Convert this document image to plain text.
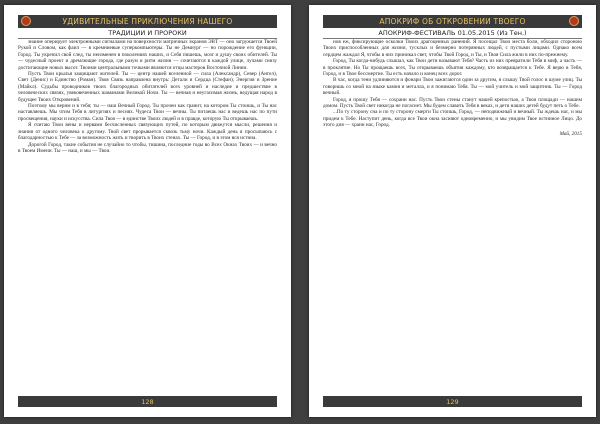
УДИВИТЕЛЬНЫЕ ПРИКЛЮЧЕНИЯ НАШЕГО
ТРАДИЦИИ И ПРОРОКИ

знание оперирует электронными сигналами на поверхности матричных экранов ЭВТ — оно загружается Твоей Рукой и Словом, как фаил — в кремниевые суперкомпьютеры. Ты не Демиург — но порождение его функции, Город. Ты укрепил свой след, ты неизменен в поколениях наших, и Себя пишешь, мозг и душу своих обителей. Ты — чудесный проект и дремлющие города, где разум и ритм жизни — сочетаются в каждой улице, лучами снизу достигающие новых высот. Твоими центральными точками являются отцы мастеров Восточной Линии.

Пусть Твои крылья защищают жителей. Ты — центр нашей вселенной — сила (Александр), Север (Ангел), Свет (Денис) и Единство (Роман). Твоя Связь направлена внутрь: Детали и Сердца (Стефан), Энергия и Зрение (Майкл). Судьбы проводников твоих благородных обитателей всех уровней и наследие и предшествие в человеческих связях, увековеченных шаманами Великой Ночи. Ты — вечная и неугасимая жизнь, ведущая народ в будущее Твоих Откровений.

Поэтому мы верим и в тебя; ты — наш Вечный Город. Ты прочен как гранит, на котором Ты стоишь, и Ты нас наставляешь. Мы чтим Тебя в литургиях и песнях. Чудеса Твои — вечны. Ты питаешь нас и ведешь нас по пути просвещения, науки и искусства. Сила Твоя — в единстве Твоих людей и в правде, которую Ты открываешь.

Я считаю Твои вены и нервами бесчисленных связующих путей, по которым движутся мысли, решения и знания от одного человека к другому. Твой свет прорывается сквозь тьму ночи. Каждый день я просыпаюсь с благодарностью к Тебе — за возможность жить и творить в Твоих стенах. Ты — Город, и в этом вся истина.

Дорогой Город, такие события не случайно то чтобы, тишина, последние годы во Всех Окнах Твоих — и вечно в Твоем Имени. Ты — наш, и мы — Твои.

128
АПОКРИФ ОБ ОТКРОВЕНИИ ТВОЕГО
АПОКРИФ-ФЕСТИВАЛЬ 01.05.2015 (Из Тен.)

нов еж, фиксирующие осколки Твоих драгоценных ранений. Я посещал Твои места боли, обходил стороною Твоих приспособленных для жизни, тусклых и безмерно потерянных людей, с пустыми лицами. Однако всем сердцем жаждал Я, чтобы в них приникал свет, чтобы Твой Город, и Ты, и Твоя Сила жили в них по-прежнему.

Город, Ты когда-нибудь слышал, как Твои дети называют Тебя? Часть из них превратили Тебя в миф, а часть — в проклятие. Но Ты прощаешь всех, Ты открываешь объятия каждому, кто возвращается к Тебе. Я верю в Тебя, Город, и в Твое бессмертие. Ты есть начало и конец всех дорог.

В час, когда тени удлиняются и фонари Твои зажигаются один за другим, я слышу Твой голос в шуме улиц. Ты говоришь со мной на языке камня и металла, и я понимаю Тебя. Ты — мой учитель и мой защитник. Ты — Город вечный.

Город, я прошу Тебя — сохрани нас. Пусть Твои стены станут нашей крепостью, а Твои площади — нашим домом. Пусть Твой свет никогда не погаснет. Мы будем славить Тебя в веках, и дети наших детей будут петь о Тебе.

...По ту сторону сна и по ту сторону смерти Ты стоишь, Город, — неподвижный и вечный. Ты ждешь нас, и мы придем к Тебе. Наступит день, когда все Твои окна засияют одновременно, и мы увидим Твое истинное Лицо. До этого дня — храни нас, Город.

Май, 2015

129
